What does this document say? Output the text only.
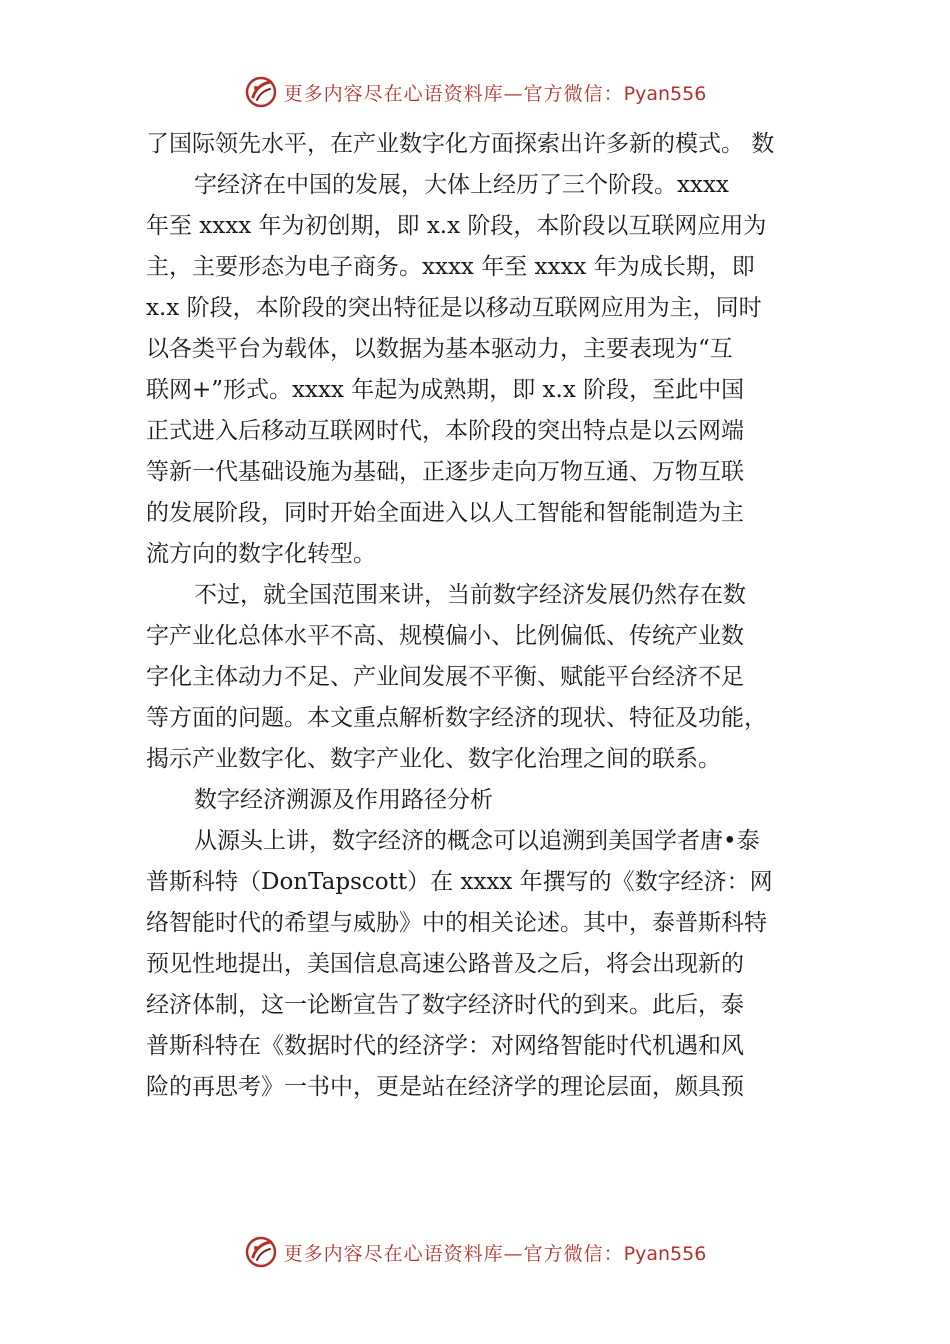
更多内容尽在心语资料库—官方微信：Pyan556
了国际领先水平，在产业数字化方面探索出许多新的模式。 数
字经济在中国的发展，大体上经历了三个阶段。xxxx
年至 xxxx 年为初创期，即 x.x 阶段，本阶段以互联网应用为
主，主要形态为电子商务。xxxx 年至 xxxx 年为成长期，即
x.x 阶段，本阶段的突出特征是以移动互联网应用为主，同时
以各类平台为载体，以数据为基本驱动力，主要表现为“互
联网+”形式。xxxx 年起为成熟期，即 x.x 阶段，至此中国
正式进入后移动互联网时代，本阶段的突出特点是以云网端
等新一代基础设施为基础，正逐步走向万物互通、万物互联
的发展阶段，同时开始全面进入以人工智能和智能制造为主
流方向的数字化转型。
不过，就全国范围来讲，当前数字经济发展仍然存在数
字产业化总体水平不高、规模偏小、比例偏低、传统产业数
字化主体动力不足、产业间发展不平衡、赋能平台经济不足
等方面的问题。本文重点解析数字经济的现状、特征及功能，
揭示产业数字化、数字产业化、数字化治理之间的联系。
数字经济溯源及作用路径分析
从源头上讲，数字经济的概念可以追溯到美国学者唐•泰
普斯科特（DonTapscott）在 xxxx 年撰写的《数字经济：网
络智能时代的希望与威胁》中的相关论述。其中，泰普斯科特
预见性地提出，美国信息高速公路普及之后，将会出现新的
经济体制，这一论断宣告了数字经济时代的到来。此后，泰
普斯科特在《数据时代的经济学：对网络智能时代机遇和风
险的再思考》一书中，更是站在经济学的理论层面，颇具预
更多内容尽在心语资料库—官方微信：Pyan556
